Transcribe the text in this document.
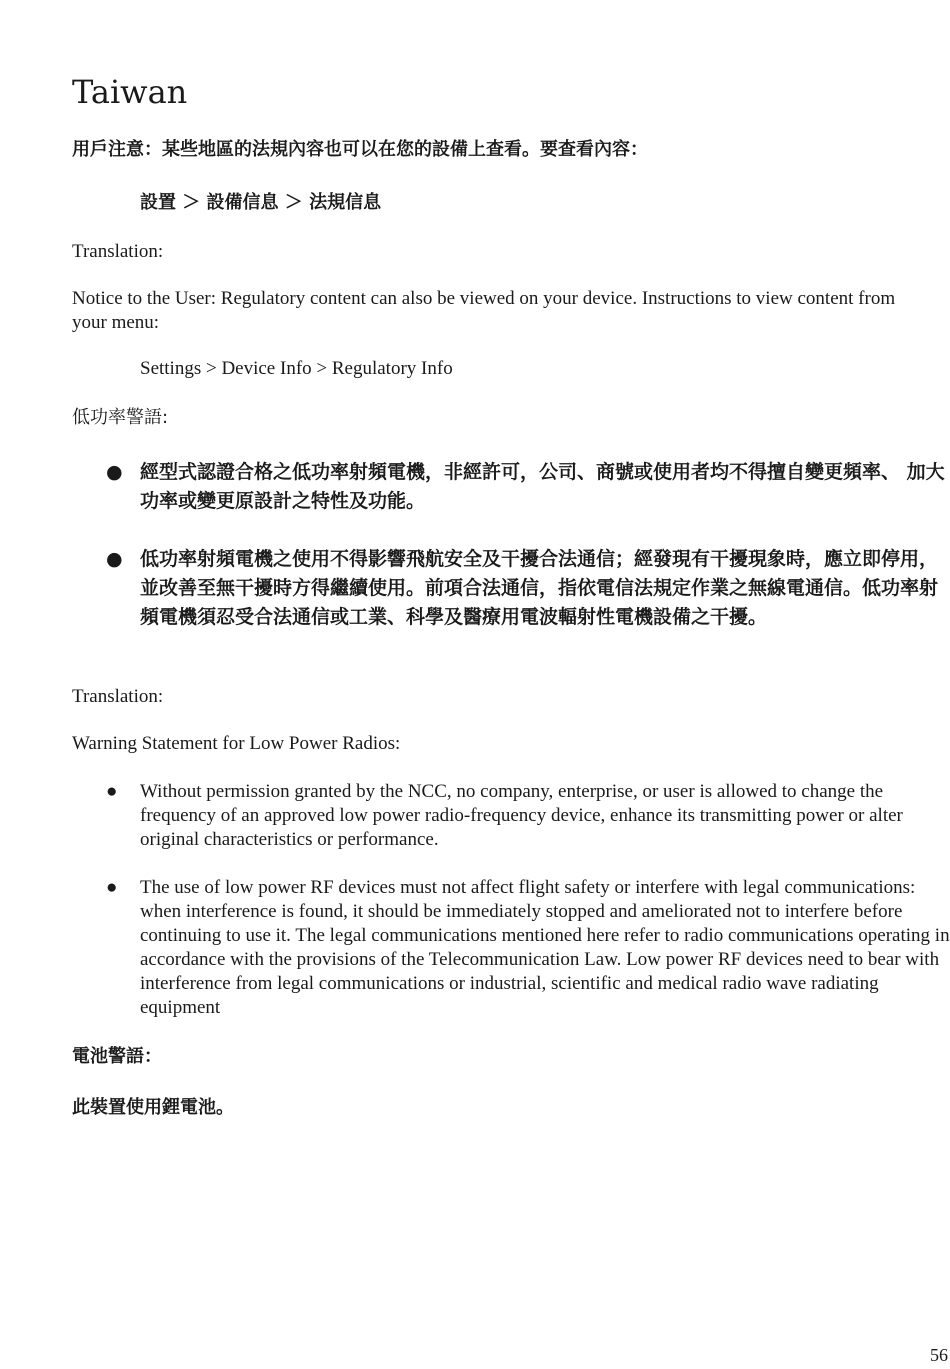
Taiwan

用戶注意：某些地區的法規內容也可以在您的設備上查看。要查看內容：

設置 ＞ 設備信息 ＞ 法規信息

Translation:

Notice to the User: Regulatory content can also be viewed on your device. Instructions to view content from your menu:

Settings > Device Info > Regulatory Info

低功率警語:

● 經型式認證合格之低功率射頻電機，非經許可，公司、商號或使用者均不得擅自變更頻率、 加大功率或變更原設計之特性及功能。
● 低功率射頻電機之使用不得影響飛航安全及干擾合法通信；經發現有干擾現象時，應立即停用，並改善至無干擾時方得繼續使用。前項合法通信，指依電信法規定作業之無線電通信。低功率射頻電機須忍受合法通信或工業、科學及醫療用電波輻射性電機設備之干擾。

Translation:

Warning Statement for Low Power Radios:

● Without permission granted by the NCC, no company, enterprise, or user is allowed to change the frequency of an approved low power radio-frequency device, enhance its transmitting power or alter original characteristics or performance.
● The use of low power RF devices must not affect flight safety or interfere with legal communications: when interference is found, it should be immediately stopped and ameliorated not to interfere before continuing to use it. The legal communications mentioned here refer to radio communications operating in accordance with the provisions of the Telecommunication Law. Low power RF devices need to bear with interference from legal communications or industrial, scientific and medical radio wave radiating equipment

電池警語：

此裝置使用鋰電池。

56
